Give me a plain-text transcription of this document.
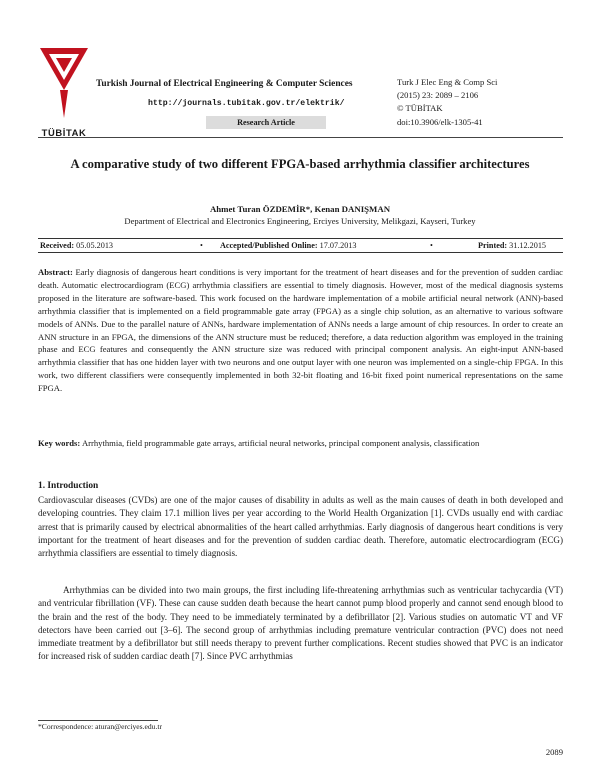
TÜBİTAK
Turkish Journal of Electrical Engineering & Computer Sciences
http://journals.tubitak.gov.tr/elektrik/
Research Article
Turk J Elec Eng & Comp Sci
(2015) 23: 2089 – 2106
© TÜBİTAK
doi:10.3906/elk-1305-41
A comparative study of two different FPGA-based arrhythmia classifier architectures
Ahmet Turan ÖZDEMİR*, Kenan DANIŞMAN
Department of Electrical and Electronics Engineering, Erciyes University, Melikgazi, Kayseri, Turkey
Received: 05.05.2013	• Accepted/Published Online: 17.07.2013	•	Printed: 31.12.2015
Abstract: Early diagnosis of dangerous heart conditions is very important for the treatment of heart diseases and for the prevention of sudden cardiac death. Automatic electrocardiogram (ECG) arrhythmia classifiers are essential to timely diagnosis. However, most of the medical diagnosis systems proposed in the literature are software-based. This work focused on the hardware implementation of a mobile artificial neural network (ANN)-based arrhythmia classifier that is implemented on a field programmable gate array (FPGA) as a single chip solution, as an alternative to various software models of ANNs. Due to the parallel nature of ANNs, hardware implementation of ANNs needs a large amount of chip resources. In order to create an ANN structure in an FPGA, the dimensions of the ANN structure must be reduced; therefore, a data reduction algorithm was employed in the training phase and ECG features and consequently the ANN structure size was reduced with principal component analysis. An eight-input ANN-based arrhythmia classifier that has one hidden layer with two neurons and one output layer with one neuron was implemented on a single-chip FPGA. In this work, two different classifiers were consequently implemented in both 32-bit floating and 16-bit fixed point numerical representations on the same FPGA.
Key words: Arrhythmia, field programmable gate arrays, artificial neural networks, principal component analysis, classification
1. Introduction
Cardiovascular diseases (CVDs) are one of the major causes of disability in adults as well as the main causes of death in both developed and developing countries. They claim 17.1 million lives per year according to the World Health Organization [1]. CVDs usually end with cardiac arrest that is primarily caused by electrical abnormalities of the heart called arrhythmias. Early diagnosis of dangerous heart conditions is very important for the treatment of heart diseases and for the prevention of sudden cardiac death. Therefore, automatic electrocardiogram (ECG) arrhythmia classifiers are essential to timely diagnosis.
Arrhythmias can be divided into two main groups, the first including life-threatening arrhythmias such as ventricular tachycardia (VT) and ventricular fibrillation (VF). These can cause sudden death because the heart cannot pump blood properly and cannot send enough blood to the brain and the rest of the body. They need to be immediately terminated by a defibrillator [2]. Various studies on automatic VT and VF detectors have been carried out [3–6]. The second group of arrhythmias including premature ventricular contraction (PVC) does not need immediate treatment by a defibrillator but still needs therapy to prevent further complications. Recent studies showed that PVC is an indicator for increased risk of sudden cardiac death [7]. Since PVC arrhythmias
*Correspondence: aturan@erciyes.edu.tr
2089
